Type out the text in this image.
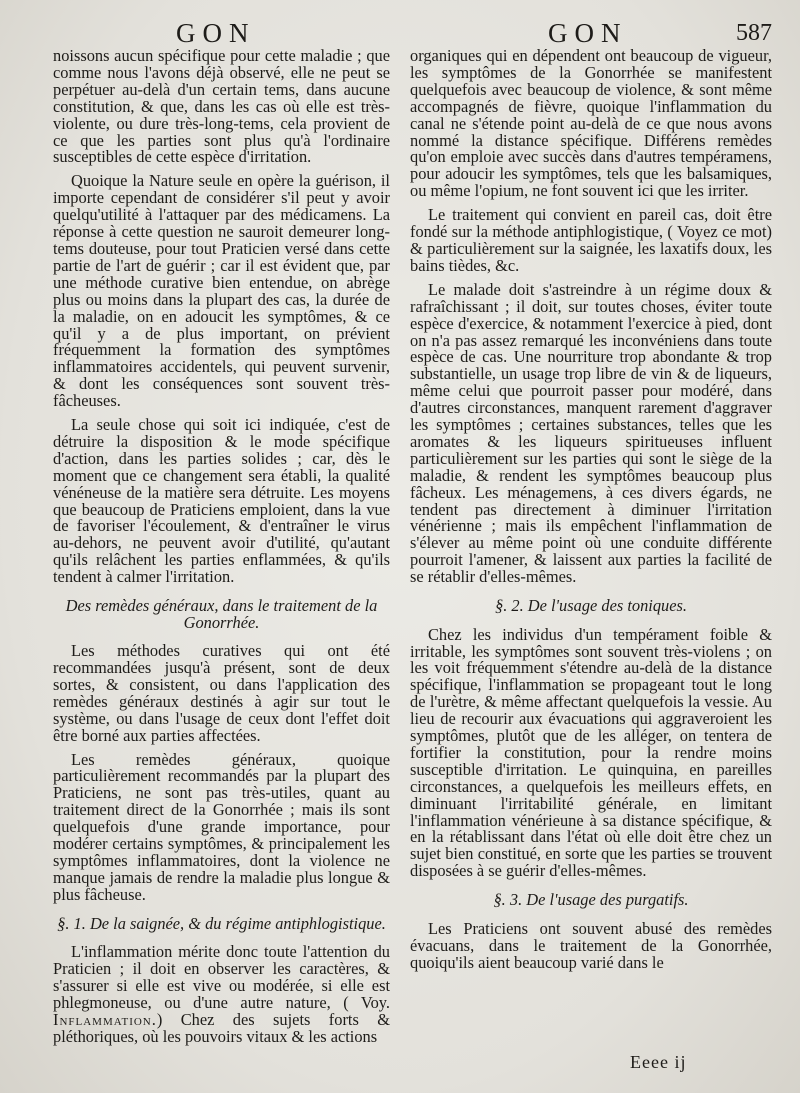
GON	GON	587

noissons aucun spécifique pour cette maladie ; que comme nous l'avons déjà observé, elle ne peut se perpétuer au-delà d'un certain tems, dans aucune constitution, & que, dans les cas où elle est très-violente, ou dure très-long-tems, cela provient de ce que les parties sont plus qu'à l'ordinaire susceptibles de cette espèce d'irritation.

Quoique la Nature seule en opère la guérison, il importe cependant de considérer s'il peut y avoir quelqu'utilité à l'attaquer par des médicamens. La réponse à cette question ne sauroit demeurer long-tems douteuse, pour tout Praticien versé dans cette partie de l'art de guérir ; car il est évident que, par une méthode curative bien entendue, on abrège plus ou moins dans la plupart des cas, la durée de la maladie, on en adoucit les symptômes, & ce qu'il y a de plus important, on prévient fréquemment la formation des symptômes inflammatoires accidentels, qui peuvent survenir, & dont les conséquences sont souvent très-fâcheuses.

La seule chose qui soit ici indiquée, c'est de détruire la disposition & le mode spécifique d'action, dans les parties solides ; car, dès le moment que ce changement sera établi, la qualité vénéneuse de la matière sera détruite. Les moyens que beaucoup de Praticiens emploient, dans la vue de favoriser l'écoulement, & d'entraîner le virus au-dehors, ne peuvent avoir d'utilité, qu'autant qu'ils relâchent les parties enflammées, & qu'ils tendent à calmer l'irritation.

Des remèdes généraux, dans le traitement de la Gonorrhée.

Les méthodes curatives qui ont été recommandées jusqu'à présent, sont de deux sortes, & consistent, ou dans l'application des remèdes généraux destinés à agir sur tout le système, ou dans l'usage de ceux dont l'effet doit être borné aux parties affectées.

Les remèdes généraux, quoique particulièrement recommandés par la plupart des Praticiens, ne sont pas très-utiles, quant au traitement direct de la Gonorrhée ; mais ils sont quelquefois d'une grande importance, pour modérer certains symptômes, & principalement les symptômes inflammatoires, dont la violence ne manque jamais de rendre la maladie plus longue & plus fâcheuse.

§. 1. De la saignée, & du régime antiphlogistique.

L'inflammation mérite donc toute l'attention du Praticien ; il doit en observer les caractères, & s'assurer si elle est vive ou modérée, si elle est phlegmoneuse, ou d'une autre nature, ( Voy. Inflammation.) Chez des sujets forts & pléthoriques, où les pouvoirs vitaux & les actions

organiques qui en dépendent ont beaucoup de vigueur, les symptômes de la Gonorrhée se manifestent quelquefois avec beaucoup de violence, & sont même accompagnés de fièvre, quoique l'inflammation du canal ne s'étende point au-delà de ce que nous avons nommé la distance spécifique. Différens remèdes qu'on emploie avec succès dans d'autres tempéramens, pour adoucir les symptômes, tels que les balsamiques, ou même l'opium, ne font souvent ici que les irriter.

Le traitement qui convient en pareil cas, doit être fondé sur la méthode antiphlogistique, ( Voyez ce mot) & particulièrement sur la saignée, les laxatifs doux, les bains tièdes, &c.

Le malade doit s'astreindre à un régime doux & rafraîchissant ; il doit, sur toutes choses, éviter toute espèce d'exercice, & notamment l'exercice à pied, dont on n'a pas assez remarqué les inconvéniens dans toute espèce de cas. Une nourriture trop abondante & trop substantielle, un usage trop libre de vin & de liqueurs, même celui que pourroit passer pour modéré, dans d'autres circonstances, manquent rarement d'aggraver les symptômes ; certaines substances, telles que les aromates & les liqueurs spiritueuses influent particulièrement sur les parties qui sont le siège de la maladie, & rendent les symptômes beaucoup plus fâcheux. Les ménagemens, à ces divers égards, ne tendent pas directement à diminuer l'irritation vénérienne ; mais ils empêchent l'inflammation de s'élever au même point où une conduite différente pourroit l'amener, & laissent aux parties la facilité de se rétablir d'elles-mêmes.

§. 2. De l'usage des toniques.

Chez les individus d'un tempérament foible & irritable, les symptômes sont souvent très-violens ; on les voit fréquemment s'étendre au-delà de la distance spécifique, l'inflammation se propageant tout le long de l'urètre, & même affectant quelquefois la vessie. Au lieu de recourir aux évacuations qui aggraveroient les symptômes, plutôt que de les alléger, on tentera de fortifier la constitution, pour la rendre moins susceptible d'irritation. Le quinquina, en pareilles circonstances, a quelquefois les meilleurs effets, en diminuant l'irritabilité générale, en limitant l'inflammation vénérieune à sa distance spécifique, & en la rétablissant dans l'état où elle doit être chez un sujet bien constitué, en sorte que les parties se trouvent disposées à se guérir d'elles-mêmes.

§. 3. De l'usage des purgatifs.

Les Praticiens ont souvent abusé des remèdes évacuans, dans le traitement de la Gonorrhée, quoiqu'ils aient beaucoup varié dans le

Eeee ij
